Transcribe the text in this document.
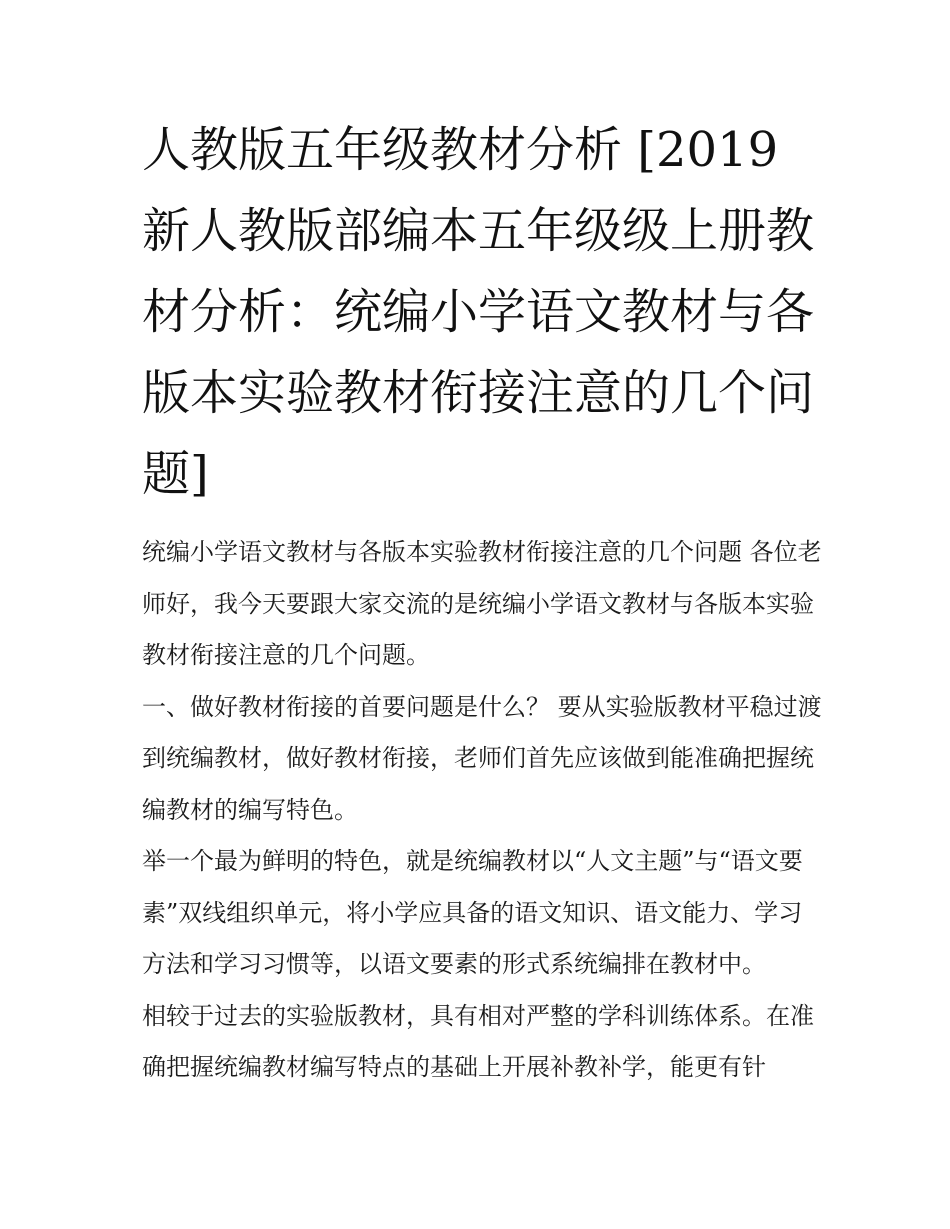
人教版五年级教材分析 [2019新人教版部编本五年级级上册教材分析：统编小学语文教材与各版本实验教材衔接注意的几个问题]

统编小学语文教材与各版本实验教材衔接注意的几个问题 各位老师好，我今天要跟大家交流的是统编小学语文教材与各版本实验教材衔接注意的几个问题。

一、做好教材衔接的首要问题是什么？ 要从实验版教材平稳过渡到统编教材，做好教材衔接，老师们首先应该做到能准确把握统编教材的编写特色。

举一个最为鲜明的特色，就是统编教材以“人文主题”与“语文要素”双线组织单元，将小学应具备的语文知识、语文能力、学习方法和学习习惯等，以语文要素的形式系统编排在教材中。

相较于过去的实验版教材，具有相对严整的学科训练体系。在准确把握统编教材编写特点的基础上开展补教补学，能更有针
